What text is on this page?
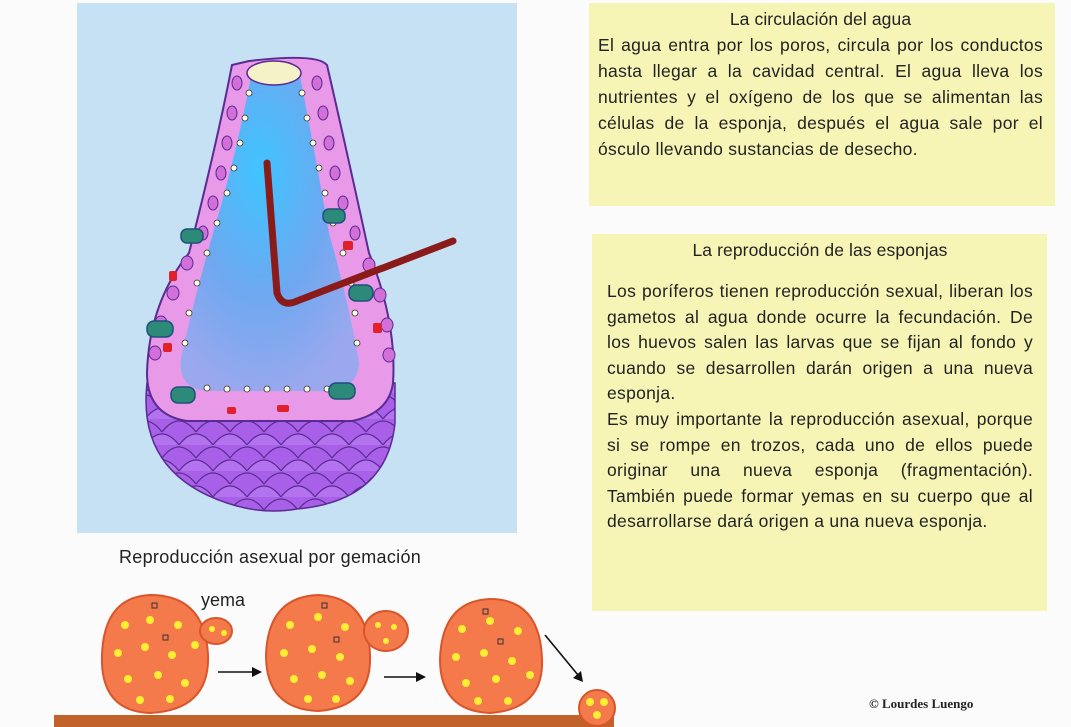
La circulación del agua
El agua entra por los poros, circula por los conductos hasta llegar a la cavidad central. El agua lleva los nutrientes y el oxígeno de los que se alimentan las células de la esponja, después el agua sale por el ósculo llevando sustancias de desecho.
La reproducción de las esponjas
Los poríferos tienen reproducción sexual, liberan los gametos al agua donde ocurre la fecundación. De los huevos salen las larvas que se fijan al fondo y cuando se desarrollen darán origen a una nueva esponja.
Es muy importante la reproducción asexual, porque si se rompe en trozos, cada uno de ellos puede originar una nueva esponja (fragmentación). También puede formar yemas en su cuerpo que al desarrollarse dará origen a una nueva esponja.
Reproducción asexual por gemación
yema
© Lourdes Luengo
